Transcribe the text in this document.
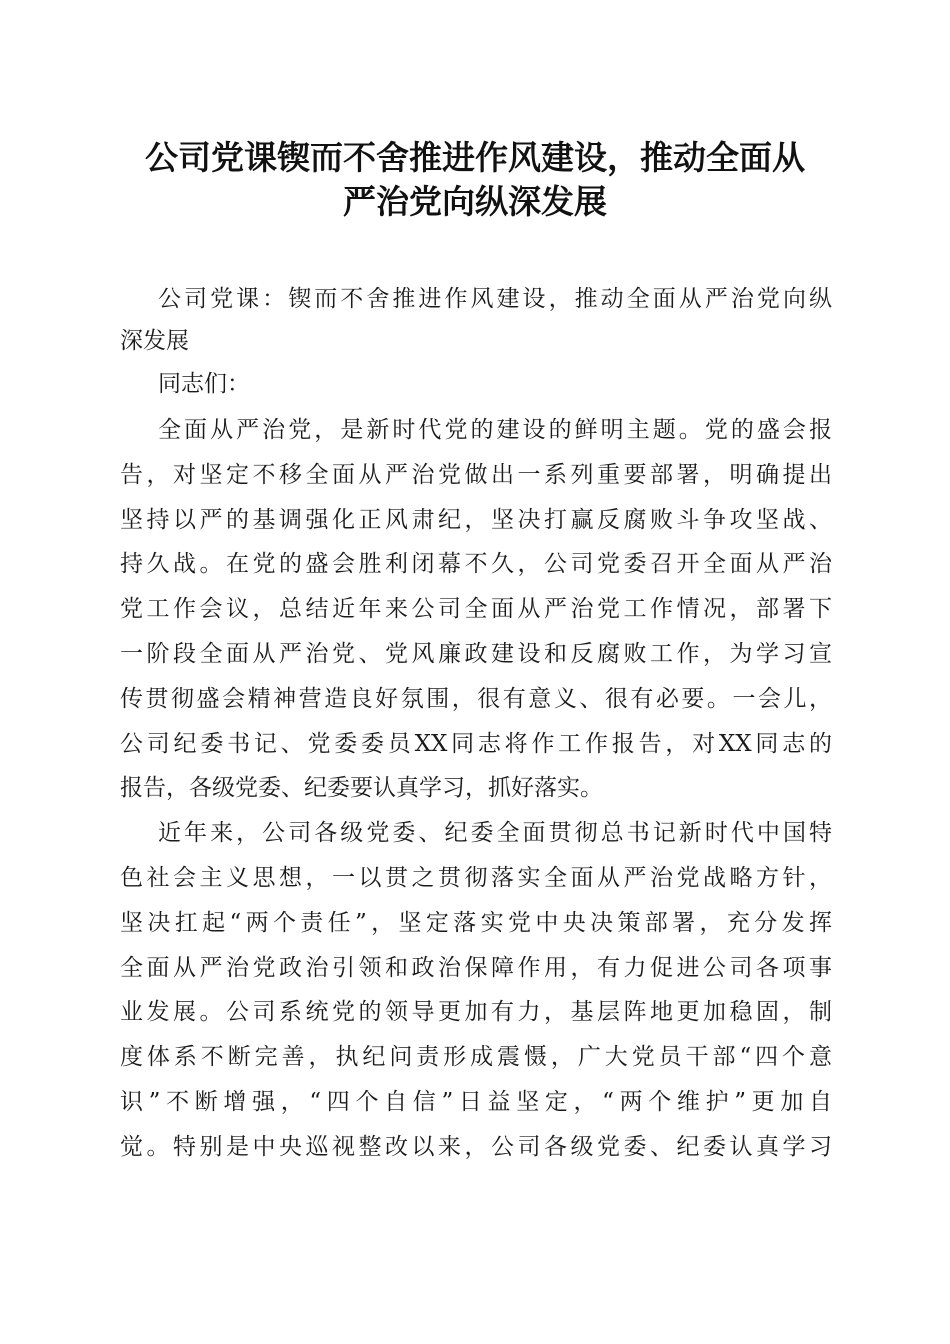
公司党课锲而不舍推进作风建设，推动全面从
严治党向纵深发展

公司党课：锲而不舍推进作风建设，推动全面从严治党向纵

深发展

同志们：

全面从严治党，是新时代党的建设的鲜明主题。党的盛会报

告，对坚定不移全面从严治党做出一系列重要部署，明确提出

坚持以严的基调强化正风肃纪，坚决打赢反腐败斗争攻坚战、

持久战。在党的盛会胜利闭幕不久，公司党委召开全面从严治

党工作会议，总结近年来公司全面从严治党工作情况，部署下

一阶段全面从严治党、党风廉政建设和反腐败工作，为学习宣

传贯彻盛会精神营造良好氛围，很有意义、很有必要。一会儿，

公司纪委书记、党委委员XX同志将作工作报告，对XX同志的

报告，各级党委、纪委要认真学习，抓好落实。

近年来，公司各级党委、纪委全面贯彻总书记新时代中国特

色社会主义思想，一以贯之贯彻落实全面从严治党战略方针，

坚决扛起“两个责任”，坚定落实党中央决策部署，充分发挥

全面从严治党政治引领和政治保障作用，有力促进公司各项事

业发展。公司系统党的领导更加有力，基层阵地更加稳固，制

度体系不断完善，执纪问责形成震慑，广大党员干部“四个意

识”不断增强，“四个自信”日益坚定，“两个维护”更加自

觉。特别是中央巡视整改以来，公司各级党委、纪委认真学习
